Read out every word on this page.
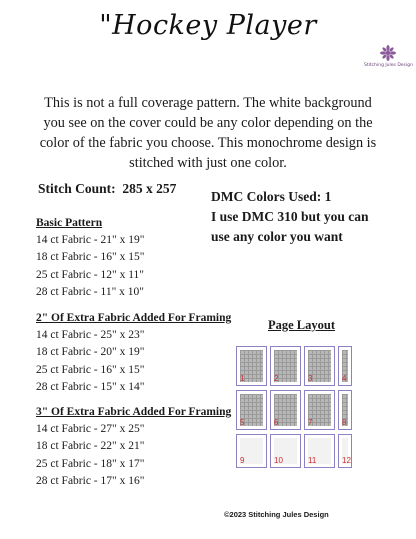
"Hockey Player
Stitching Jules Design
This is not a full coverage pattern. The white background you see on the cover could be any color depending on the color of the fabric you choose. This monochrome design is stitched with just one color.
Stitch Count: 285 x 257
DMC Colors Used: 1
I use DMC 310 but you can
use any color you want
Basic Pattern
14 ct Fabric - 21" x 19"
18 ct Fabric - 16" x 15"
25 ct Fabric - 12" x 11"
28 ct Fabric - 11" x 10"
2" Of Extra Fabric Added For Framing
14 ct Fabric - 25" x 23"
18 ct Fabric - 20" x 19"
25 ct Fabric - 16" x 15"
28 ct Fabric - 15" x 14"
3" Of Extra Fabric Added For Framing
14 ct Fabric - 27" x 25"
18 ct Fabric - 22" x 21"
25 ct Fabric - 18" x 17"
28 ct Fabric - 17" x 16"
Page Layout
1	2	3	4
5	6	7	8
9	10	11	12
©2023 Stitching Jules Design
